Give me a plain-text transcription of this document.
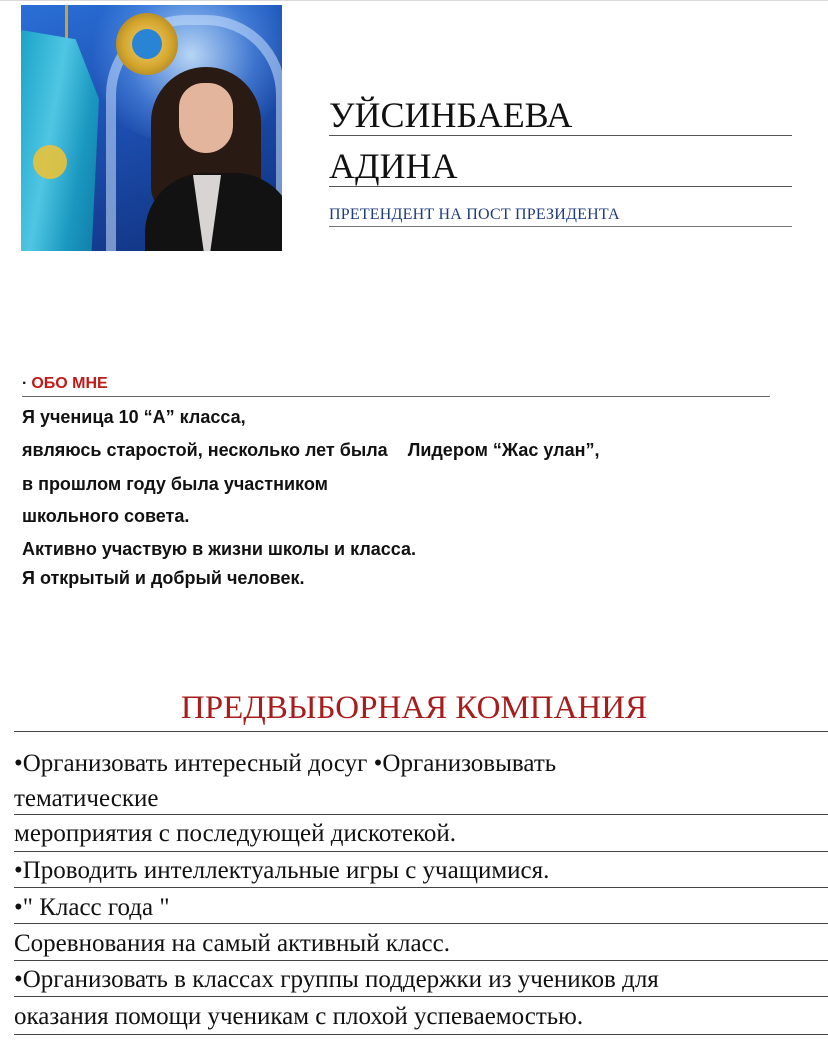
УЙСИНБАЕВА
АДИНА
ПРЕТЕНДЕНТ НА ПОСТ ПРЕЗИДЕНТА
· ОБО МНЕ
Я ученица 10 “А” класса,
являюсь старостой, несколько лет была    Лидером “Жас улан”,
в прошлом году была участником
школьного совета.
Активно участвую в жизни школы и класса.
Я открытый и добрый человек.
ПРЕДВЫБОРНАЯ КОМПАНИЯ
•Организовать интересный досуг •Организовывать
тематические
мероприятия с последующей дискотекой.
•Проводить интеллектуальные игры с учащимися.
•" Класс года "
Соревнования на самый активный класс.
•Организовать в классах группы поддержки из учеников для
оказания помощи ученикам с плохой успеваемостью.
